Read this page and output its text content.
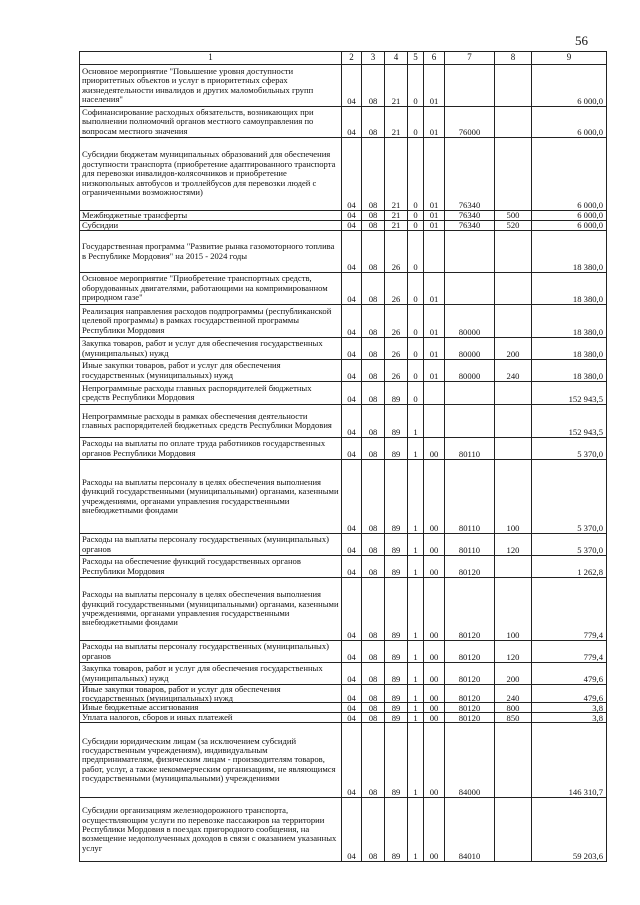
56
1	2	3	4	5	6	7	8	9
Основное мероприятие "Повышение уровня доступности приоритетных объектов и услуг в приоритетных сферах жизнедеятельности инвалидов и других маломобильных групп населения"	04	08	21	0	01			6 000,0
Софинансирование расходных обязательств, возникающих при выполнении полномочий органов местного самоуправления по вопросам местного значения	04	08	21	0	01	76000		6 000,0
Субсидии бюджетам муниципальных образований для обеспечения доступности транспорта (приобретение адаптированного транспорта для перевозки инвалидов-колясочников и приобретение низкопольных автобусов и троллейбусов для перевозки людей с ограниченными возможностями)	04	08	21	0	01	76340		6 000,0
Межбюджетные трансферты	04	08	21	0	01	76340	500	6 000,0
Субсидии	04	08	21	0	01	76340	520	6 000,0
Государственная программа "Развитие рынка газомоторного топлива в Республике Мордовия" на 2015 - 2024 годы	04	08	26	0				18 380,0
Основное мероприятие "Приобретение транспортных средств, оборудованных двигателями, работающими на компримированном природном газе"	04	08	26	0	01			18 380,0
Реализация направления расходов подпрограммы (республиканской целевой программы) в рамках государственной программы Республики Мордовия	04	08	26	0	01	80000		18 380,0
Закупка товаров, работ и услуг для обеспечения государственных (муниципальных) нужд	04	08	26	0	01	80000	200	18 380,0
Иные закупки товаров, работ и услуг для обеспечения государственных (муниципальных) нужд	04	08	26	0	01	80000	240	18 380,0
Непрограммные расходы главных распорядителей бюджетных средств Республики Мордовия	04	08	89	0				152 943,5
Непрограммные расходы в рамках обеспечения деятельности главных распорядителей бюджетных средств Республики Мордовия	04	08	89	1				152 943,5
Расходы на выплаты по оплате труда работников государственных органов Республики Мордовия	04	08	89	1	00	80110		5 370,0
Расходы на выплаты персоналу в целях обеспечения выполнения функций государственными (муниципальными) органами, казенными учреждениями, органами управления государственными внебюджетными фондами	04	08	89	1	00	80110	100	5 370,0
Расходы на выплаты персоналу государственных (муниципальных) органов	04	08	89	1	00	80110	120	5 370,0
Расходы на обеспечение функций государственных органов Республики Мордовия	04	08	89	1	00	80120		1 262,8
Расходы на выплаты персоналу в целях обеспечения выполнения функций государственными (муниципальными) органами, казенными учреждениями, органами управления государственными внебюджетными фондами	04	08	89	1	00	80120	100	779,4
Расходы на выплаты персоналу государственных (муниципальных) органов	04	08	89	1	00	80120	120	779,4
Закупка товаров, работ и услуг для обеспечения государственных (муниципальных) нужд	04	08	89	1	00	80120	200	479,6
Иные закупки товаров, работ и услуг для обеспечения государственных (муниципальных) нужд	04	08	89	1	00	80120	240	479,6
Иные бюджетные ассигнования	04	08	89	1	00	80120	800	3,8
Уплата налогов, сборов и иных платежей	04	08	89	1	00	80120	850	3,8
Субсидии юридическим лицам (за исключением субсидий государственным учреждениям), индивидуальным предпринимателям, физическим лицам - производителям товаров, работ, услуг, а также некоммерческим организациям, не являющимся государственными (муниципальными) учреждениями	04	08	89	1	00	84000		146 310,7
Субсидии организациям железнодорожного транспорта, осуществляющим услуги по перевозке пассажиров на территории Республики Мордовия в поездах пригородного сообщения, на возмещение недополученных доходов в связи с оказанием указанных услуг	04	08	89	1	00	84010		59 203,6
